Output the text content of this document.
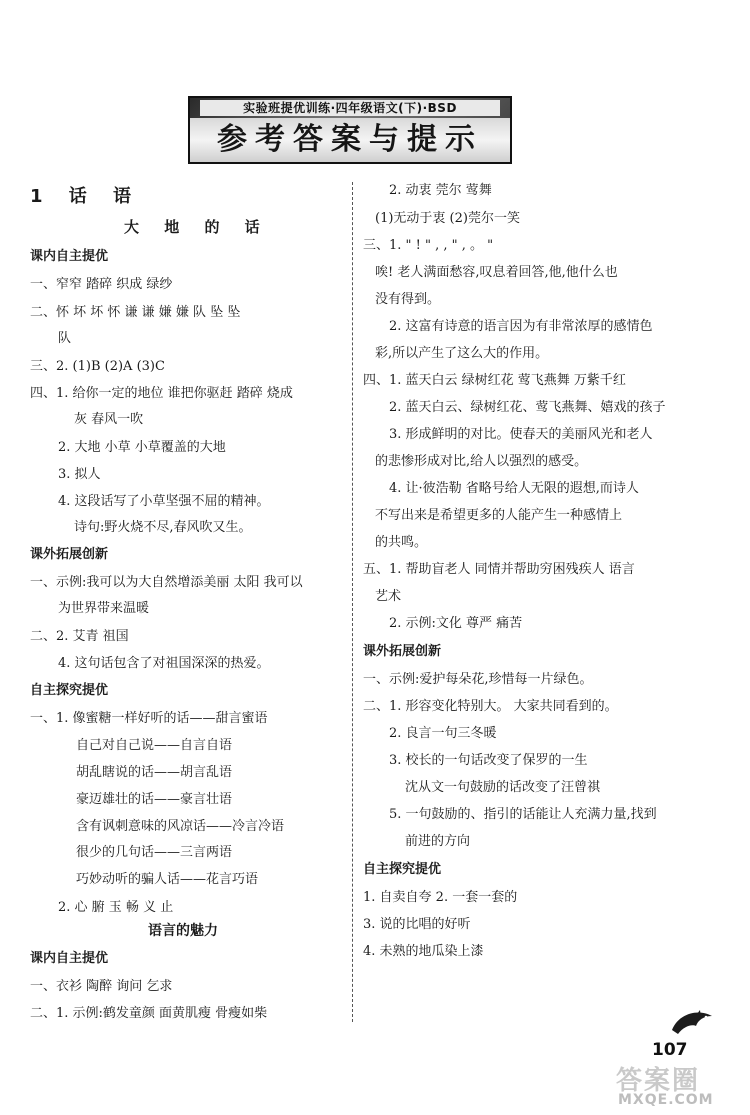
实验班提优训练·四年级语文(下)·BSD
参考答案与提示
1 话 语
大 地 的 话
课内自主提优
一、窄窄 踏碎 织成 绿纱
二、怀 坏 坏 怀 谦 谦 嫌 嫌 队 坠 坠
队
三、2. (1)B (2)A (3)C
四、1. 给你一定的地位 谁把你驱赶 踏碎 烧成
灰 春风一吹
2. 大地 小草 小草覆盖的大地
3. 拟人
4. 这段话写了小草坚强不屈的精神。
诗句:野火烧不尽,春风吹又生。
课外拓展创新
一、示例:我可以为大自然增添美丽 太阳 我可以
为世界带来温暖
二、2. 艾青 祖国
4. 这句话包含了对祖国深深的热爱。
自主探究提优
一、1. 像蜜糖一样好听的话——甜言蜜语
自己对自己说——自言自语
胡乱瞎说的话——胡言乱语
豪迈雄壮的话——豪言壮语
含有讽刺意味的风凉话——冷言冷语
很少的几句话——三言两语
巧妙动听的骗人话——花言巧语
2. 心 腑 玉 畅 义 止
语言的魅力
课内自主提优
一、衣衫 陶醉 询问 乞求
二、1. 示例:鹤发童颜 面黄肌瘦 骨瘦如柴
2. 动衷 莞尔 莺舞
(1)无动于衷 (2)莞尔一笑
三、1. " ! " , , " , 。 "
唉! 老人满面愁容,叹息着回答,他,他什么也
没有得到。
2. 这富有诗意的语言因为有非常浓厚的感情色
彩,所以产生了这么大的作用。
四、1. 蓝天白云 绿树红花 莺飞燕舞 万紫千红
2. 蓝天白云、绿树红花、莺飞燕舞、嬉戏的孩子
3. 形成鲜明的对比。使春天的美丽风光和老人
的悲惨形成对比,给人以强烈的感受。
4. 让·彼浩勒 省略号给人无限的遐想,而诗人
不写出来是希望更多的人能产生一种感情上
的共鸣。
五、1. 帮助盲老人 同情并帮助穷困残疾人 语言
艺术
2. 示例:文化 尊严 痛苦
课外拓展创新
一、示例:爱护每朵花,珍惜每一片绿色。
二、1. 形容变化特别大。 大家共同看到的。
2. 良言一句三冬暖
3. 校长的一句话改变了保罗的一生
沈从文一句鼓励的话改变了汪曾祺
5. 一句鼓励的、指引的话能让人充满力量,找到
前进的方向
自主探究提优
1. 自卖自夸 2. 一套一套的
3. 说的比唱的好听
4. 未熟的地瓜染上漆
107
答案圈
MXQE.COM
